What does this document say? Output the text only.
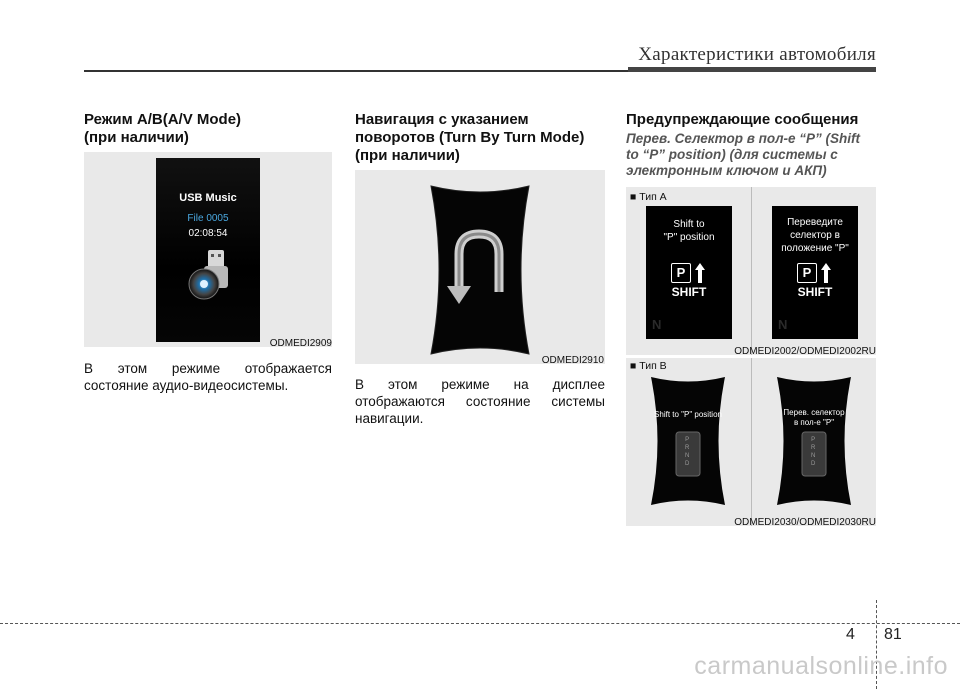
Характеристики автомобиля
Режим A/B(A/V Mode)
(при наличии)
USB Music
File 0005
02:08:54
ODMEDI2909
В этом режиме отображается
состояние аудио-видеосистемы.
Навигация с указанием
поворотов (Turn By Turn Mode)
(при наличии)
ODMEDI2910
В этом режиме на дисплее
отображаются состояние системы
навигации.
Предупреждающие сообщения
Перев. Селектор в пол-е “P” (Shift
to “P” position) (для системы с
электронным ключом и АКП)
■ Тип A
Shift to
"P" position
P
SHIFT
N
Переведите
селектор в
положение "P"
P
SHIFT
N
ODMEDI2002/ODMEDI2002RU
■ Тип B
Shift to "P" position
P
R
N
D
Перев. селектор
в пол-е "P"
P
R
N
D
ODMEDI2030/ODMEDI2030RU
4 81
carmanualsonline.info
